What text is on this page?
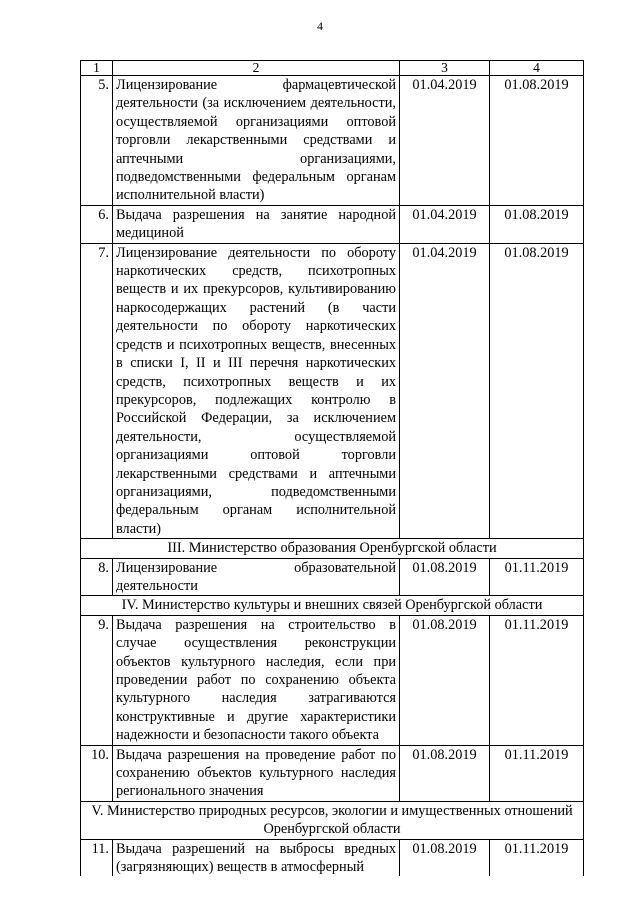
4
1	2	3	4
5.	Лицензирование фармацевтической деятельности (за исключением деятельности, осуществляемой организациями оптовой торговли лекарственными средствами и аптечными организациями, подведомственными федеральным органам исполнительной власти)	01.04.2019	01.08.2019
6.	Выдача разрешения на занятие народной медициной	01.04.2019	01.08.2019
7.	Лицензирование деятельности по обороту наркотических средств, психотропных веществ и их прекурсоров, культивированию наркосодержащих растений (в части деятельности по обороту наркотических средств и психотропных веществ, внесенных в списки I, II и III перечня наркотических средств, психотропных веществ и их прекурсоров, подлежащих контролю в Российской Федерации, за исключением деятельности, осуществляемой организациями оптовой торговли лекарственными средствами и аптечными организациями, подведомственными федеральным органам исполнительной власти)	01.04.2019	01.08.2019
III. Министерство образования Оренбургской области			
8.	Лицензирование образовательной деятельности	01.08.2019	01.11.2019
IV. Министерство культуры и внешних связей Оренбургской области			
9.	Выдача разрешения на строительство в случае осуществления реконструкции объектов культурного наследия, если при проведении работ по сохранению объекта культурного наследия затрагиваются конструктивные и другие характеристики надежности и безопасности такого объекта	01.08.2019	01.11.2019
10.	Выдача разрешения на проведение работ по сохранению объектов культурного наследия регионального значения	01.08.2019	01.11.2019
V. Министерство природных ресурсов, экологии и имущественных отношений Оренбургской области			
11.	Выдача разрешений на выбросы вредных (загрязняющих) веществ в атмосферный	01.08.2019	01.11.2019
